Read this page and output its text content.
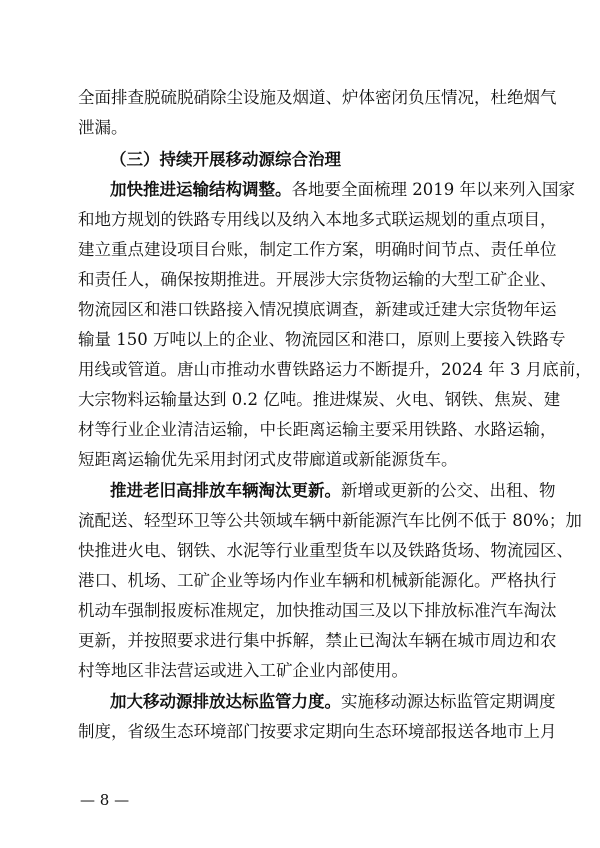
全面排查脱硫脱硝除尘设施及烟道、炉体密闭负压情况，杜绝烟气
泄漏。
（三）持续开展移动源综合治理
加快推进运输结构调整。各地要全面梳理 2019 年以来列入国家
和地方规划的铁路专用线以及纳入本地多式联运规划的重点项目，
建立重点建设项目台账，制定工作方案，明确时间节点、责任单位
和责任人，确保按期推进。开展涉大宗货物运输的大型工矿企业、
物流园区和港口铁路接入情况摸底调查，新建或迁建大宗货物年运
输量 150 万吨以上的企业、物流园区和港口，原则上要接入铁路专
用线或管道。唐山市推动水曹铁路运力不断提升，2024 年 3 月底前，
大宗物料运输量达到 0.2 亿吨。推进煤炭、火电、钢铁、焦炭、建
材等行业企业清洁运输，中长距离运输主要采用铁路、水路运输，
短距离运输优先采用封闭式皮带廊道或新能源货车。
推进老旧高排放车辆淘汰更新。新增或更新的公交、出租、物
流配送、轻型环卫等公共领域车辆中新能源汽车比例不低于 80%；加
快推进火电、钢铁、水泥等行业重型货车以及铁路货场、物流园区、
港口、机场、工矿企业等场内作业车辆和机械新能源化。严格执行
机动车强制报废标准规定，加快推动国三及以下排放标准汽车淘汰
更新，并按照要求进行集中拆解，禁止已淘汰车辆在城市周边和农
村等地区非法营运或进入工矿企业内部使用。
加大移动源排放达标监管力度。实施移动源达标监管定期调度
制度，省级生态环境部门按要求定期向生态环境部报送各地市上月
— 8 —
